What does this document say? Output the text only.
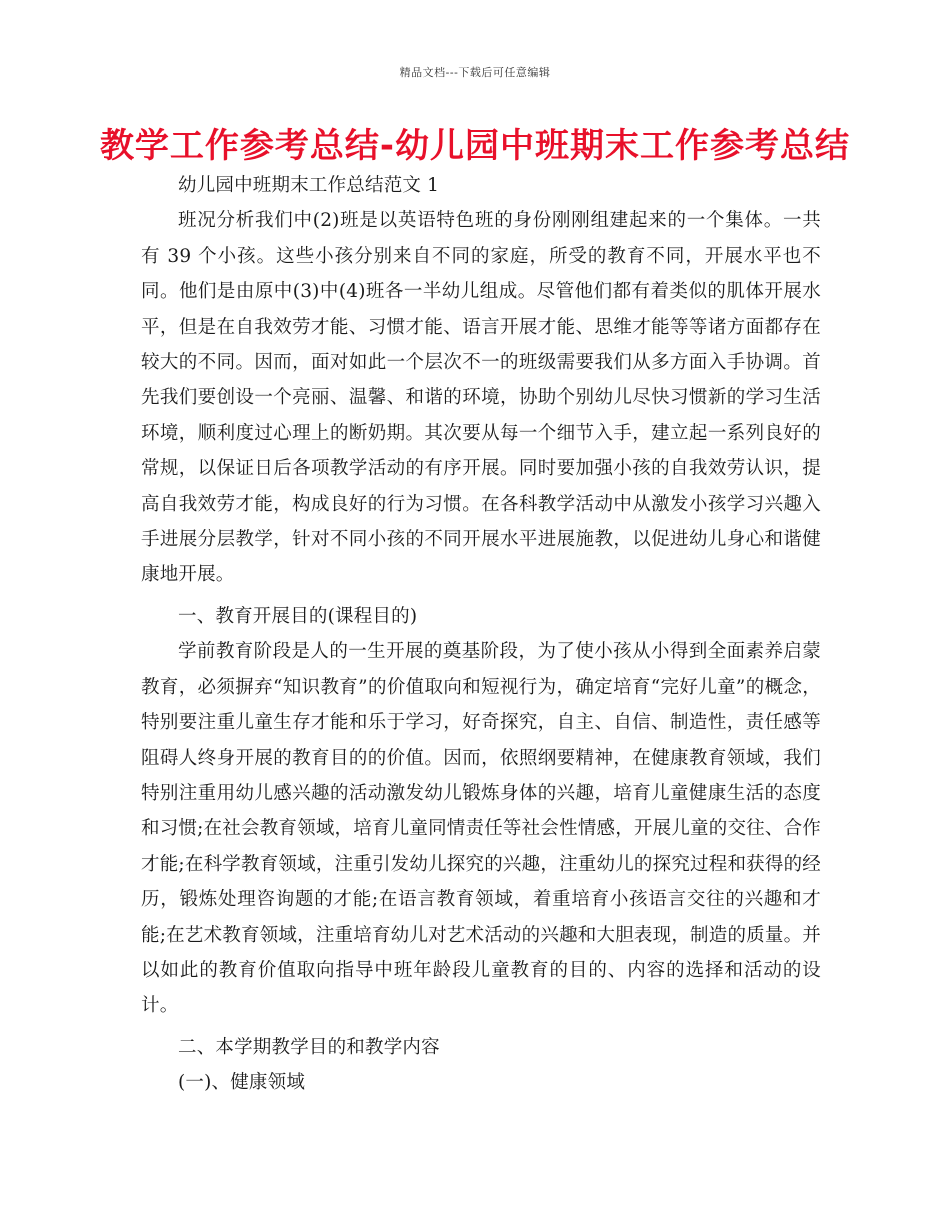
精品文档---下载后可任意编辑
教学工作参考总结-幼儿园中班期末工作参考总结

幼儿园中班期末工作总结范文 1

班况分析我们中(2)班是以英语特色班的身份刚刚组建起来的一个集体。一共有 39 个小孩。这些小孩分别来自不同的家庭，所受的教育不同，开展水平也不同。他们是由原中(3)中(4)班各一半幼儿组成。尽管他们都有着类似的肌体开展水平，但是在自我效劳才能、习惯才能、语言开展才能、思维才能等等诸方面都存在较大的不同。因而，面对如此一个层次不一的班级需要我们从多方面入手协调。首先我们要创设一个亮丽、温馨、和谐的环境，协助个别幼儿尽快习惯新的学习生活环境，顺利度过心理上的断奶期。其次要从每一个细节入手，建立起一系列良好的常规，以保证日后各项教学活动的有序开展。同时要加强小孩的自我效劳认识，提高自我效劳才能，构成良好的行为习惯。在各科教学活动中从激发小孩学习兴趣入手进展分层教学，针对不同小孩的不同开展水平进展施教，以促进幼儿身心和谐健康地开展。

一、教育开展目的(课程目的)

学前教育阶段是人的一生开展的奠基阶段，为了使小孩从小得到全面素养启蒙教育，必须摒弃“知识教育”的价值取向和短视行为，确定培育“完好儿童”的概念，特别要注重儿童生存才能和乐于学习，好奇探究，自主、自信、制造性，责任感等阻碍人终身开展的教育目的的价值。因而，依照纲要精神，在健康教育领域，我们特别注重用幼儿感兴趣的活动激发幼儿锻炼身体的兴趣，培育儿童健康生活的态度和习惯;在社会教育领域，培育儿童同情责任等社会性情感，开展儿童的交往、合作才能;在科学教育领域，注重引发幼儿探究的兴趣，注重幼儿的探究过程和获得的经历，锻炼处理咨询题的才能;在语言教育领域，着重培育小孩语言交往的兴趣和才能;在艺术教育领域，注重培育幼儿对艺术活动的兴趣和大胆表现，制造的质量。并以如此的教育价值取向指导中班年龄段儿童教育的目的、内容的选择和活动的设计。

二、本学期教学目的和教学内容

(一)、健康领域
